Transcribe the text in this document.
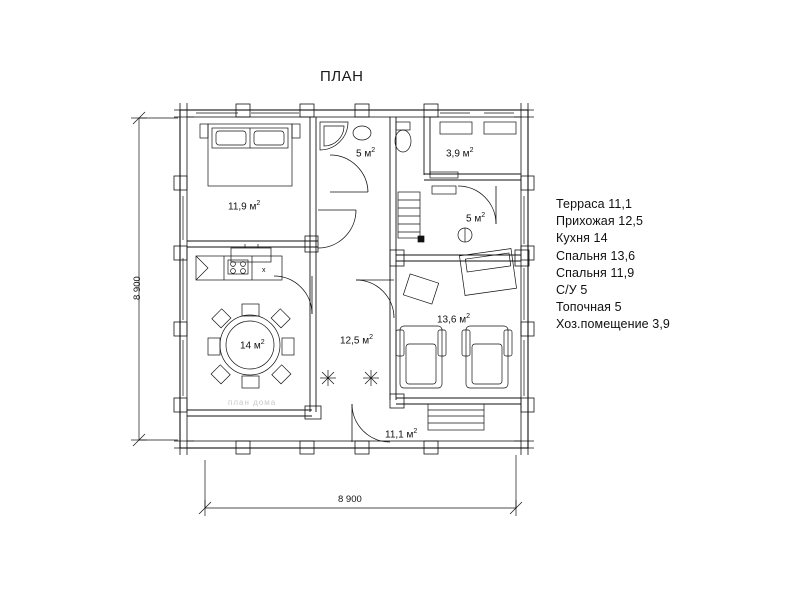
ПЛАН
x
11,9 $м^2$
5 $м^2$	3,9 $м^2$
5 $м^2$
14 $м^2$	12,5 $м^2$
13,6 $м^2$
11,1 $м^2$
8 900
8 900
Терраса 11,1
Прихожая 12,5
Кухня 14
Спальня 13,6
Спальня 11,9
С/У 5
Топочная 5
Хоз.помещение 3,9
план дома
